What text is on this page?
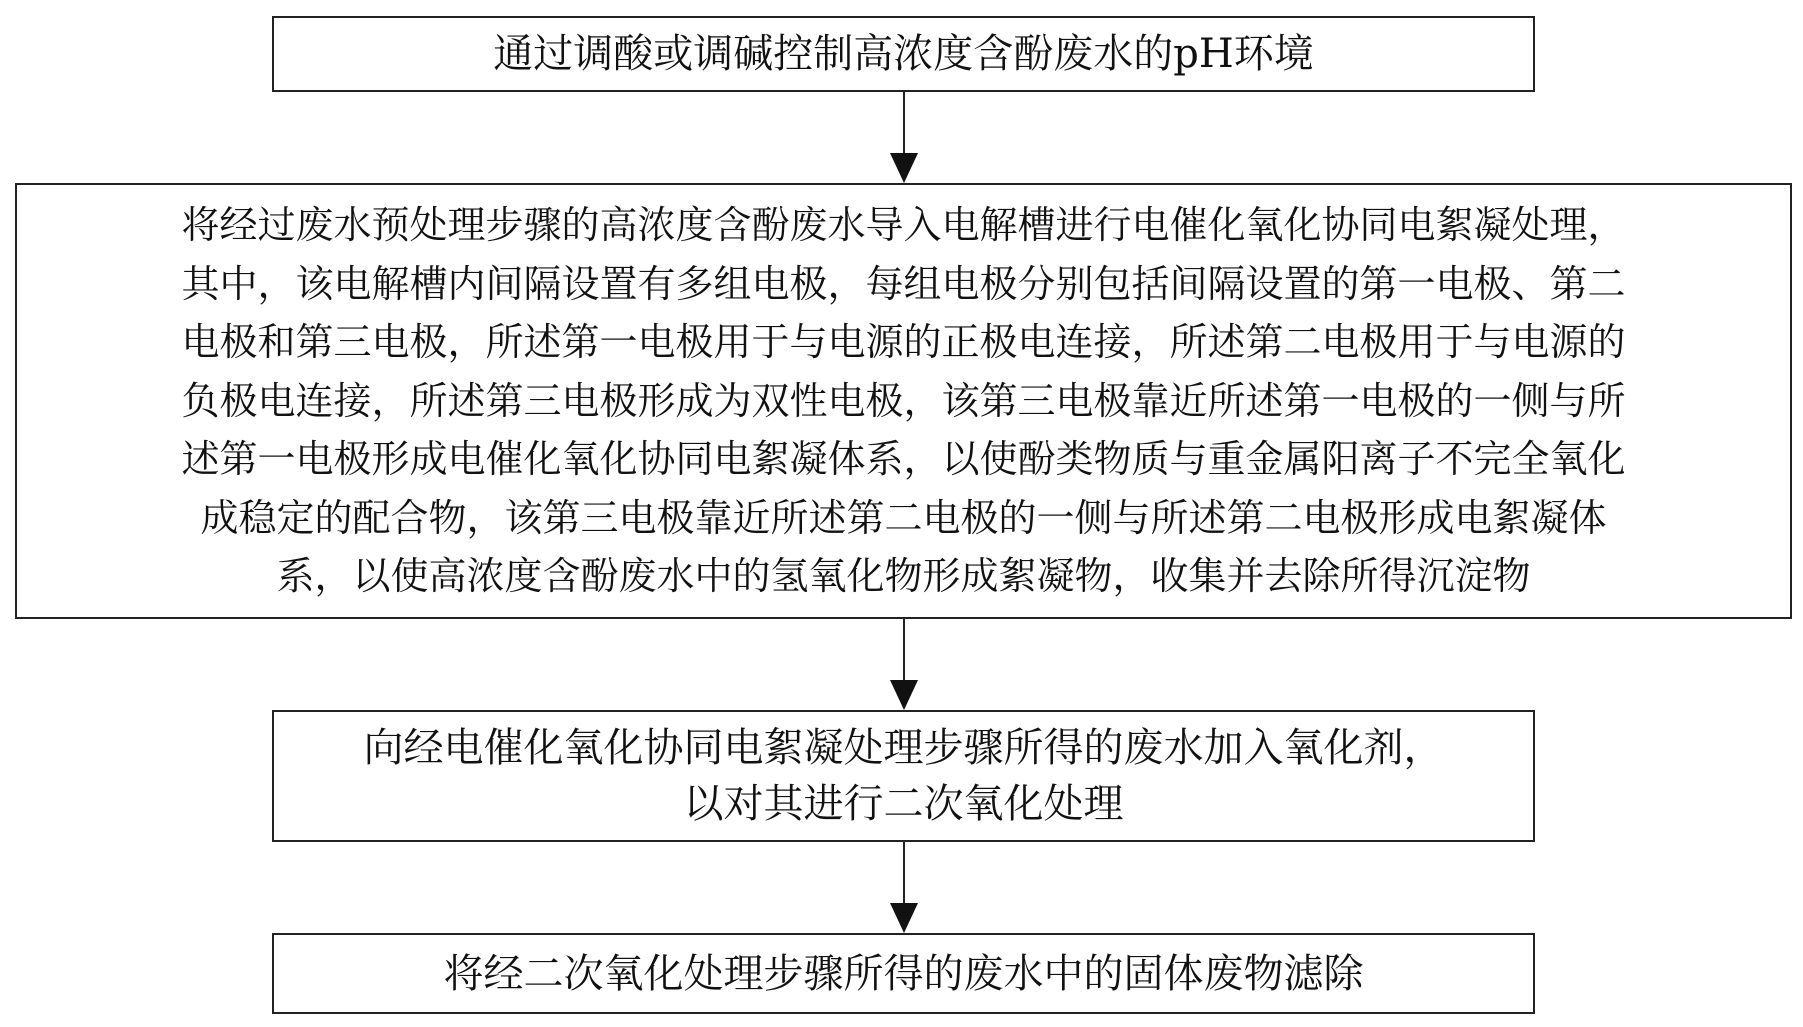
通过调酸或调碱控制高浓度含酚废水的pH环境
将经过废水预处理步骤的高浓度含酚废水导入电解槽进行电催化氧化协同电絮凝处理，
其中，该电解槽内间隔设置有多组电极，每组电极分别包括间隔设置的第一电极、第二
电极和第三电极，所述第一电极用于与电源的正极电连接，所述第二电极用于与电源的
负极电连接，所述第三电极形成为双性电极，该第三电极靠近所述第一电极的一侧与所
述第一电极形成电催化氧化协同电絮凝体系，以使酚类物质与重金属阳离子不完全氧化
成稳定的配合物，该第三电极靠近所述第二电极的一侧与所述第二电极形成电絮凝体
系，以使高浓度含酚废水中的氢氧化物形成絮凝物，收集并去除所得沉淀物
向经电催化氧化协同电絮凝处理步骤所得的废水加入氧化剂，
以对其进行二次氧化处理
将经二次氧化处理步骤所得的废水中的固体废物滤除
